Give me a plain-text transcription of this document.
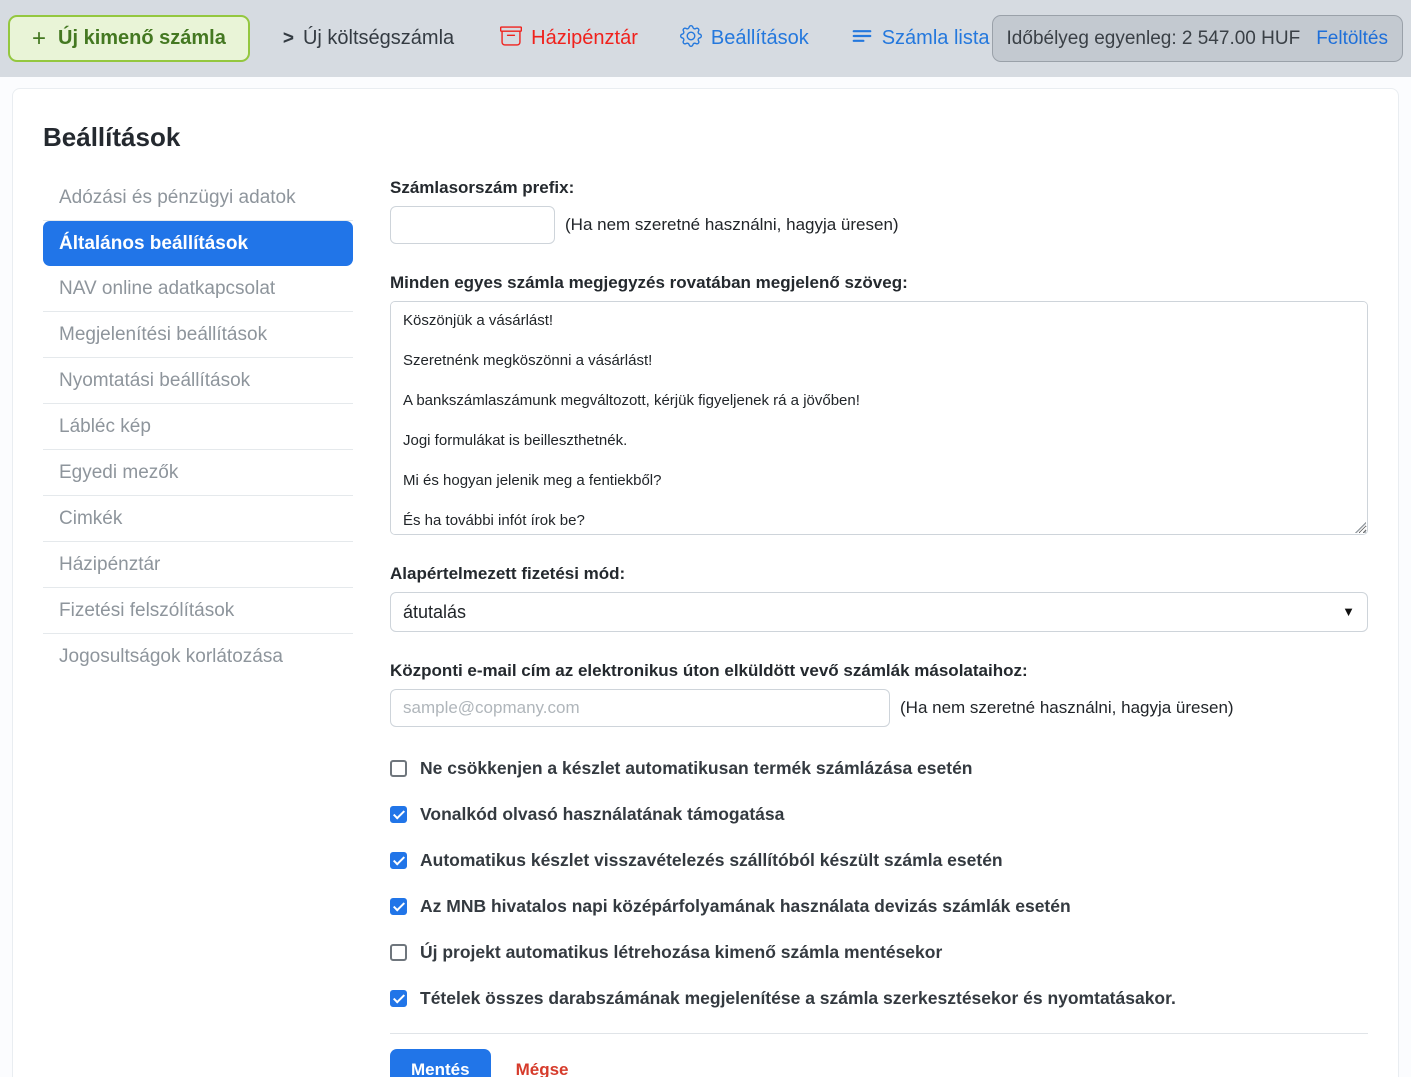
+ Új kimenő számla	> Új költségszámla	Házipénztár	Beállítások	Számla lista Időbélyeg egyenleg: 2 547.00 HUF Feltöltés
Beállítások
Adózási és pénzügyi adatok
Általános beállítások
NAV online adatkapcsolat
Megjelenítési beállítások
Nyomtatási beállítások
Lábléc kép
Egyedi mezők
Cimkék
Házipénztár
Fizetési felszólítások
Jogosultságok korlátozása
Számlasorszám prefix:
(Ha nem szeretné használni, hagyja üresen)
Minden egyes számla megjegyzés rovatában megjelenő szöveg:
Köszönjük a vásárlást! Szeretnénk megköszönni a vásárlást! A bankszámlaszámunk megváltozott, kérjük figyeljenek rá a jövőben! Jogi formulákat is beilleszthetnék. Mi és hogyan jelenik meg a fentiekből? És ha további infót írok be?
Alapértelmezett fizetési mód:
átutalás
▼
Központi e-mail cím az elektronikus úton elküldött vevő számlák másolataihoz:
sample@copmany.com
(Ha nem szeretné használni, hagyja üresen)
Ne csökkenjen a készlet automatikusan termék számlázása esetén
Vonalkód olvasó használatának támogatása
Automatikus készlet visszavételezés szállítóból készült számla esetén
Az MNB hivatalos napi középárfolyamának használata devizás számlák esetén
Új projekt automatikus létrehozása kimenő számla mentésekor
Tételek összes darabszámának megjelenítése a számla szerkesztésekor és nyomtatásakor.
Mentés	Mégse
